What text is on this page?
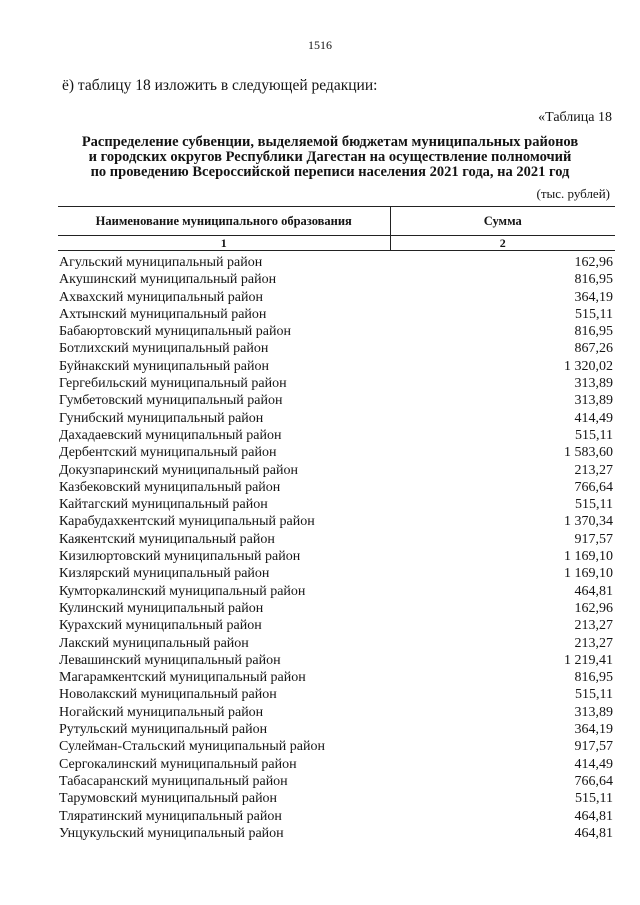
1516
ё) таблицу 18 изложить в следующей редакции:
«Таблица 18
Распределение субвенции, выделяемой бюджетам муниципальных районов
и городских округов Республики Дагестан на осуществление полномочий
по проведению Всероссийской переписи населения 2021 года, на 2021 год
(тыс. рублей)
Наименование муниципального образования	Сумма
1	2
Агульский муниципальный район	162,96
Акушинский муниципальный район	816,95
Ахвахский муниципальный район	364,19
Ахтынский муниципальный район	515,11
Бабаюртовский муниципальный район	816,95
Ботлихский муниципальный район	867,26
Буйнакский муниципальный район	1 320,02
Гергебильский муниципальный район	313,89
Гумбетовский муниципальный район	313,89
Гунибский муниципальный район	414,49
Дахадаевский муниципальный район	515,11
Дербентский муниципальный район	1 583,60
Докузпаринский муниципальный район	213,27
Казбековский муниципальный район	766,64
Кайтагский муниципальный район	515,11
Карабудахкентский муниципальный район	1 370,34
Каякентский муниципальный район	917,57
Кизилюртовский муниципальный район	1 169,10
Кизлярский муниципальный район	1 169,10
Кумторкалинский муниципальный район	464,81
Кулинский муниципальный район	162,96
Курахский муниципальный район	213,27
Лакский муниципальный район	213,27
Левашинский муниципальный район	1 219,41
Магарамкентский муниципальный район	816,95
Новолакский муниципальный район	515,11
Ногайский муниципальный район	313,89
Рутульский муниципальный район	364,19
Сулейман-Стальский муниципальный район	917,57
Сергокалинский муниципальный район	414,49
Табасаранский муниципальный район	766,64
Тарумовский муниципальный район	515,11
Тляратинский муниципальный район	464,81
Унцукульский муниципальный район	464,81
